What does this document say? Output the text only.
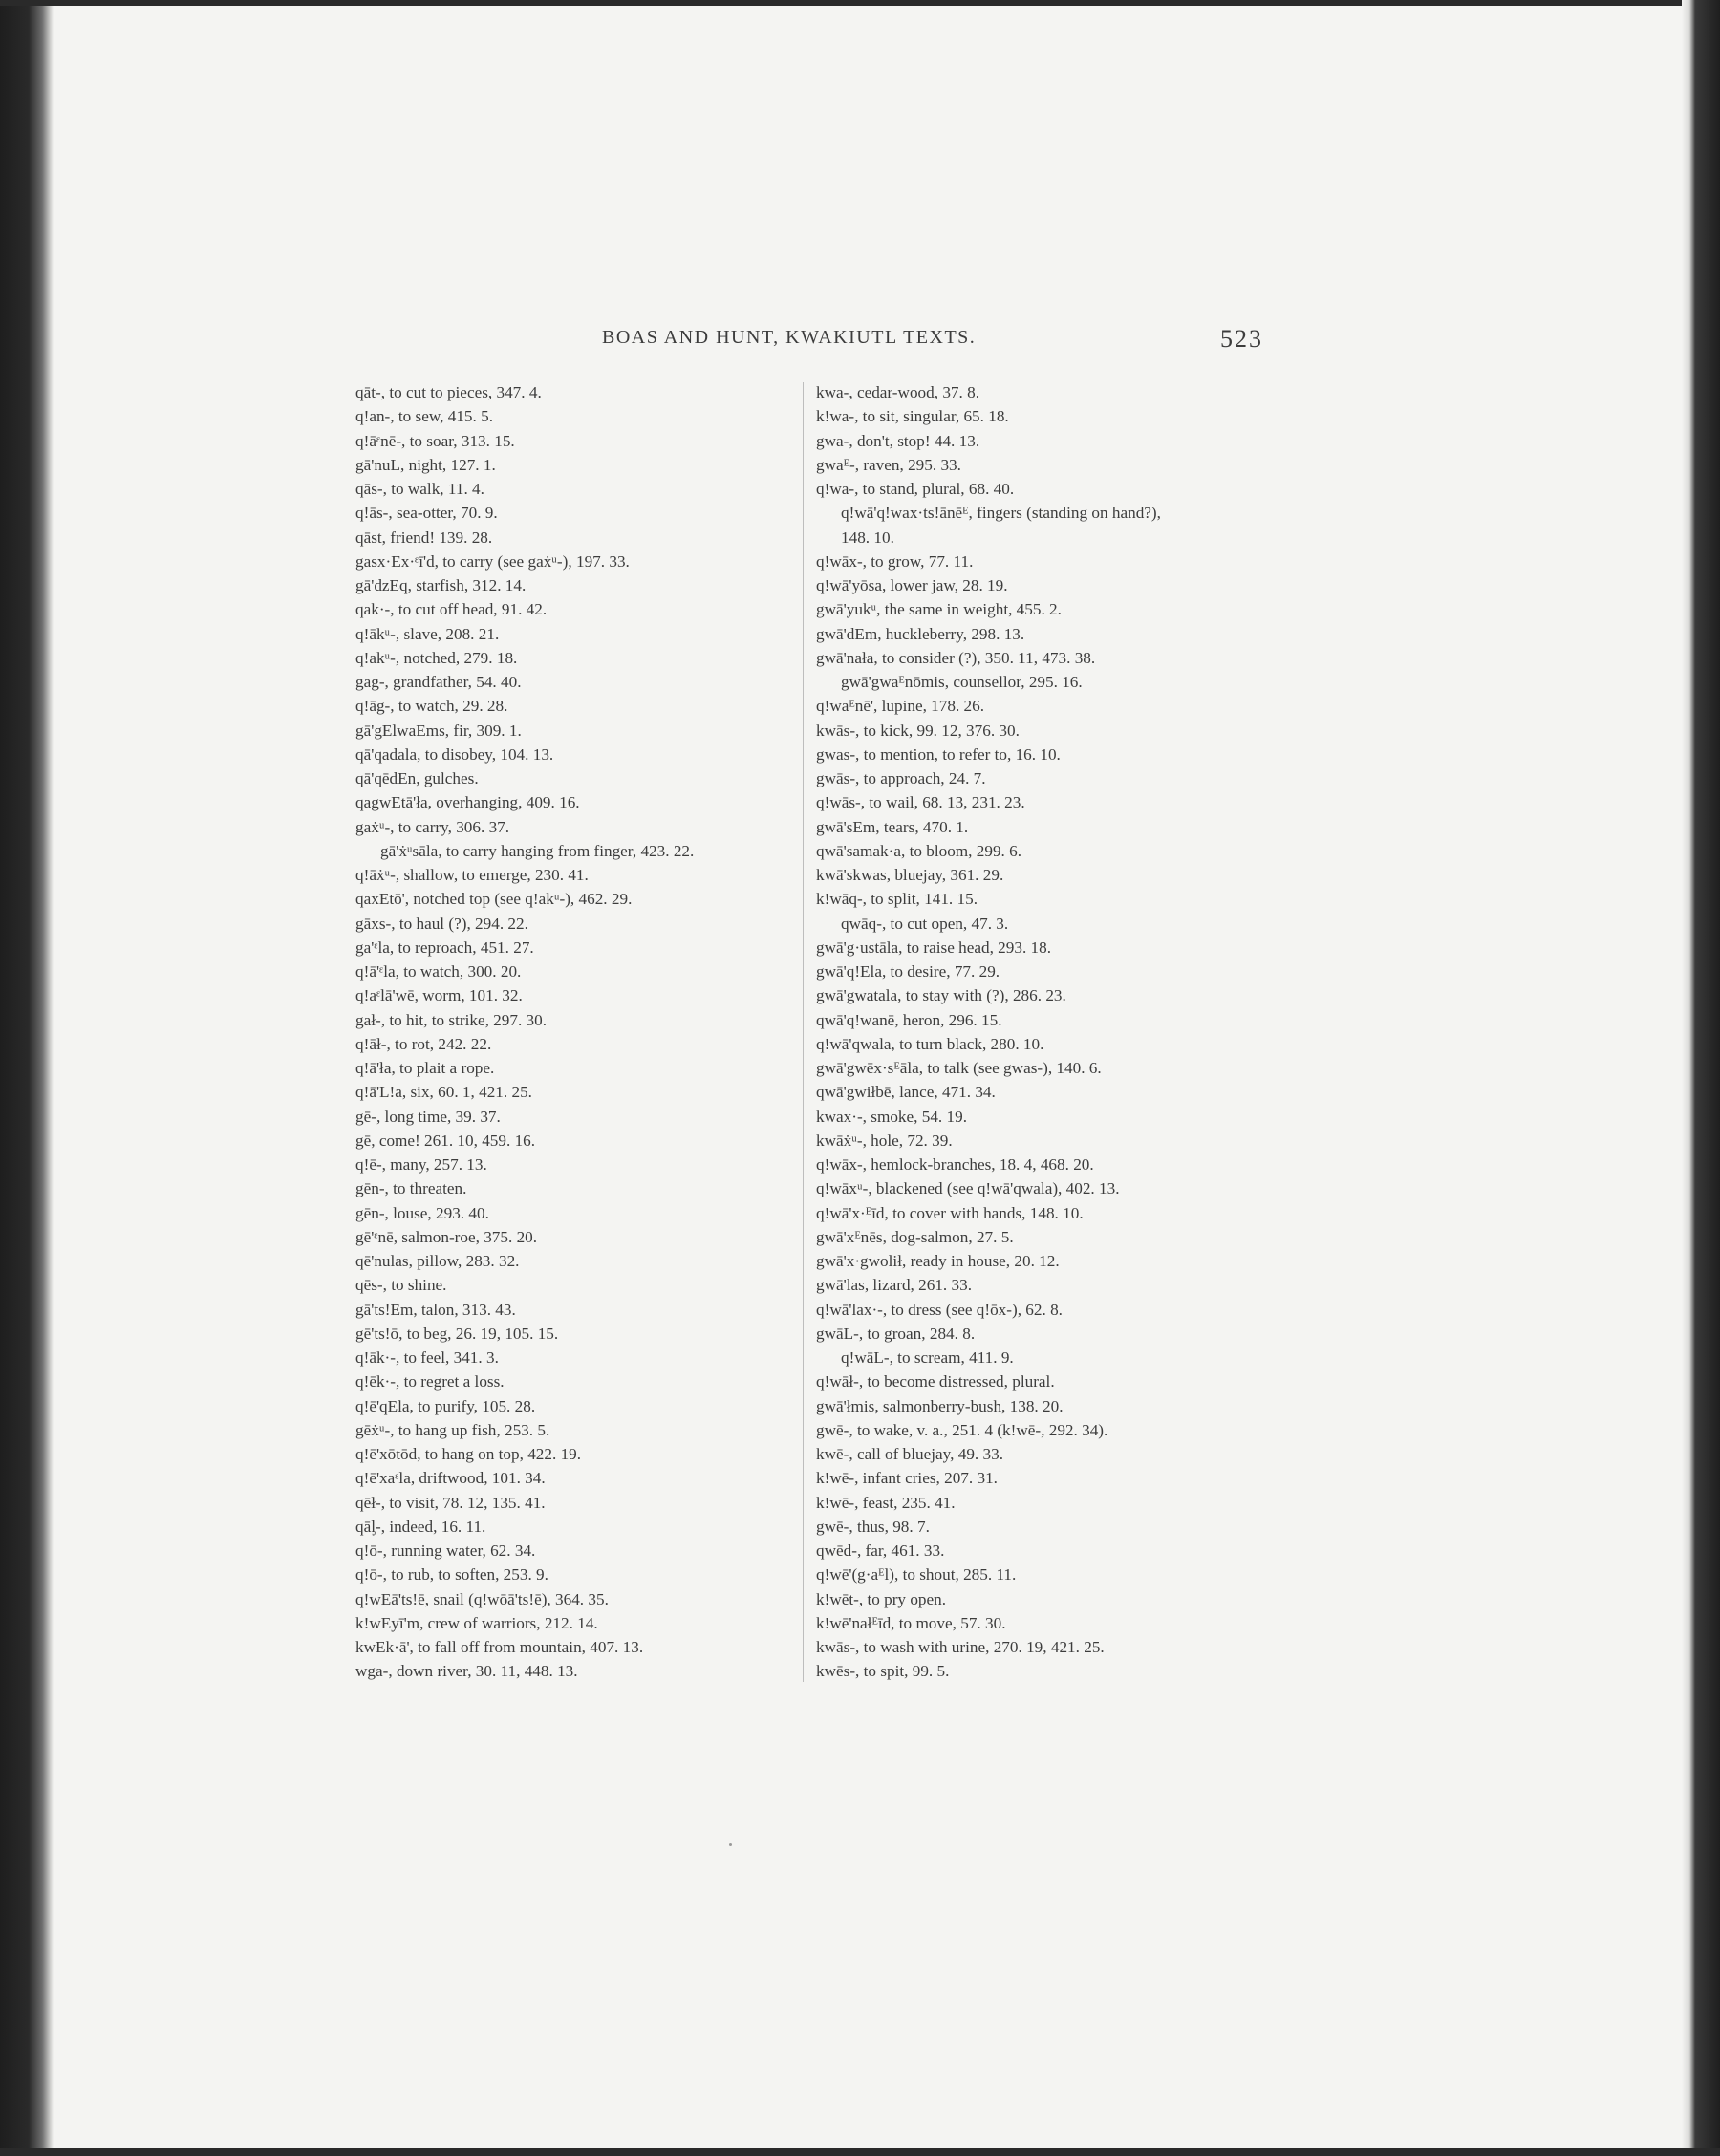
BOAS AND HUNT, KWAKIUTL TEXTS.	523
qāt-, to cut to pieces, 347. 4.
q!an-, to sew, 415. 5.
q!āᵋnē-, to soar, 313. 15.
gā'nuL, night, 127. 1.
qās-, to walk, 11. 4.
q!ās-, sea-otter, 70. 9.
qāst, friend! 139. 28.
gasx·Ex·ᵋī'd, to carry (see gaẋᵘ-), 197. 33.
gā'dzEq, starfish, 312. 14.
qak·-, to cut off head, 91. 42.
q!ākᵘ-, slave, 208. 21.
q!akᵘ-, notched, 279. 18.
gag-, grandfather, 54. 40.
q!āg-, to watch, 29. 28.
gā'gElwaEms, fir, 309. 1.
qā'qadala, to disobey, 104. 13.
qā'qēdEn, gulches.
qagwEtā'ła, overhanging, 409. 16.
gaẋᵘ-, to carry, 306. 37.
gā'ẋᵘsāla, to carry hanging from finger, 423. 22.
q!āẋᵘ-, shallow, to emerge, 230. 41.
qaxEtō', notched top (see q!akᵘ-), 462. 29.
gāxs-, to haul (?), 294. 22.
ga'ᵋla, to reproach, 451. 27.
q!ā'ᵋla, to watch, 300. 20.
q!aᵋlā'wē, worm, 101. 32.
gał-, to hit, to strike, 297. 30.
q!āł-, to rot, 242. 22.
q!ā'ła, to plait a rope.
q!ā'L!a, six, 60. 1, 421. 25.
gē-, long time, 39. 37.
gē, come! 261. 10, 459. 16.
q!ē-, many, 257. 13.
gēn-, to threaten.
gēn-, louse, 293. 40.
gē'ᵋnē, salmon-roe, 375. 20.
qē'nulas, pillow, 283. 32.
qēs-, to shine.
gā'ts!Em, talon, 313. 43.
gē'ts!ō, to beg, 26. 19, 105. 15.
q!āk·-, to feel, 341. 3.
q!ēk·-, to regret a loss.
q!ē'qEla, to purify, 105. 28.
gēẋᵘ-, to hang up fish, 253. 5.
q!ē'xōtōd, to hang on top, 422. 19.
q!ē'xaᵋla, driftwood, 101. 34.
qēł-, to visit, 78. 12, 135. 41.
qāᶅ-, indeed, 16. 11.
q!ō-, running water, 62. 34.
q!ō-, to rub, to soften, 253. 9.
q!wEā'ts!ē, snail (q!wōā'ts!ē), 364. 35.
k!wEyī'm, crew of warriors, 212. 14.
kwEk·ā', to fall off from mountain, 407. 13.
wga-, down river, 30. 11, 448. 13.
kwa-, cedar-wood, 37. 8.
k!wa-, to sit, singular, 65. 18.
gwa-, don't, stop! 44. 13.
gwaᴱ-, raven, 295. 33.
q!wa-, to stand, plural, 68. 40.
q!wā'q!wax·ts!ānēᴱ, fingers (standing on hand?),
148. 10.
q!wāx-, to grow, 77. 11.
q!wā'yōsa, lower jaw, 28. 19.
gwā'yukᵘ, the same in weight, 455. 2.
gwā'dEm, huckleberry, 298. 13.
gwā'nała, to consider (?), 350. 11, 473. 38.
gwā'gwaᴱnōmis, counsellor, 295. 16.
q!waᴱnē', lupine, 178. 26.
kwās-, to kick, 99. 12, 376. 30.
gwas-, to mention, to refer to, 16. 10.
gwās-, to approach, 24. 7.
q!wās-, to wail, 68. 13, 231. 23.
gwā'sEm, tears, 470. 1.
qwā'samak·a, to bloom, 299. 6.
kwā'skwas, bluejay, 361. 29.
k!wāq-, to split, 141. 15.
qwāq-, to cut open, 47. 3.
gwā'g·ustāla, to raise head, 293. 18.
gwā'q!Ela, to desire, 77. 29.
gwā'gwatala, to stay with (?), 286. 23.
qwā'q!wanē, heron, 296. 15.
q!wā'qwala, to turn black, 280. 10.
gwā'gwēx·sᴱāla, to talk (see gwas-), 140. 6.
qwā'gwiłbē, lance, 471. 34.
kwax·-, smoke, 54. 19.
kwāẋᵘ-, hole, 72. 39.
q!wāx-, hemlock-branches, 18. 4, 468. 20.
q!wāxᵘ-, blackened (see q!wā'qwala), 402. 13.
q!wā'x·ᴱīd, to cover with hands, 148. 10.
gwā'xᴱnēs, dog-salmon, 27. 5.
gwā'x·gwolił, ready in house, 20. 12.
gwā'las, lizard, 261. 33.
q!wā'lax·-, to dress (see q!ōx-), 62. 8.
gwāL-, to groan, 284. 8.
q!wāL-, to scream, 411. 9.
q!wāł-, to become distressed, plural.
gwā'łmis, salmonberry-bush, 138. 20.
gwē-, to wake, v. a., 251. 4 (k!wē-, 292. 34).
kwē-, call of bluejay, 49. 33.
k!wē-, infant cries, 207. 31.
k!wē-, feast, 235. 41.
gwē-, thus, 98. 7.
qwēd-, far, 461. 33.
q!wē'(g·aᴱl), to shout, 285. 11.
k!wēt-, to pry open.
k!wē'nałᴱīd, to move, 57. 30.
kwās-, to wash with urine, 270. 19, 421. 25.
kwēs-, to spit, 99. 5.
